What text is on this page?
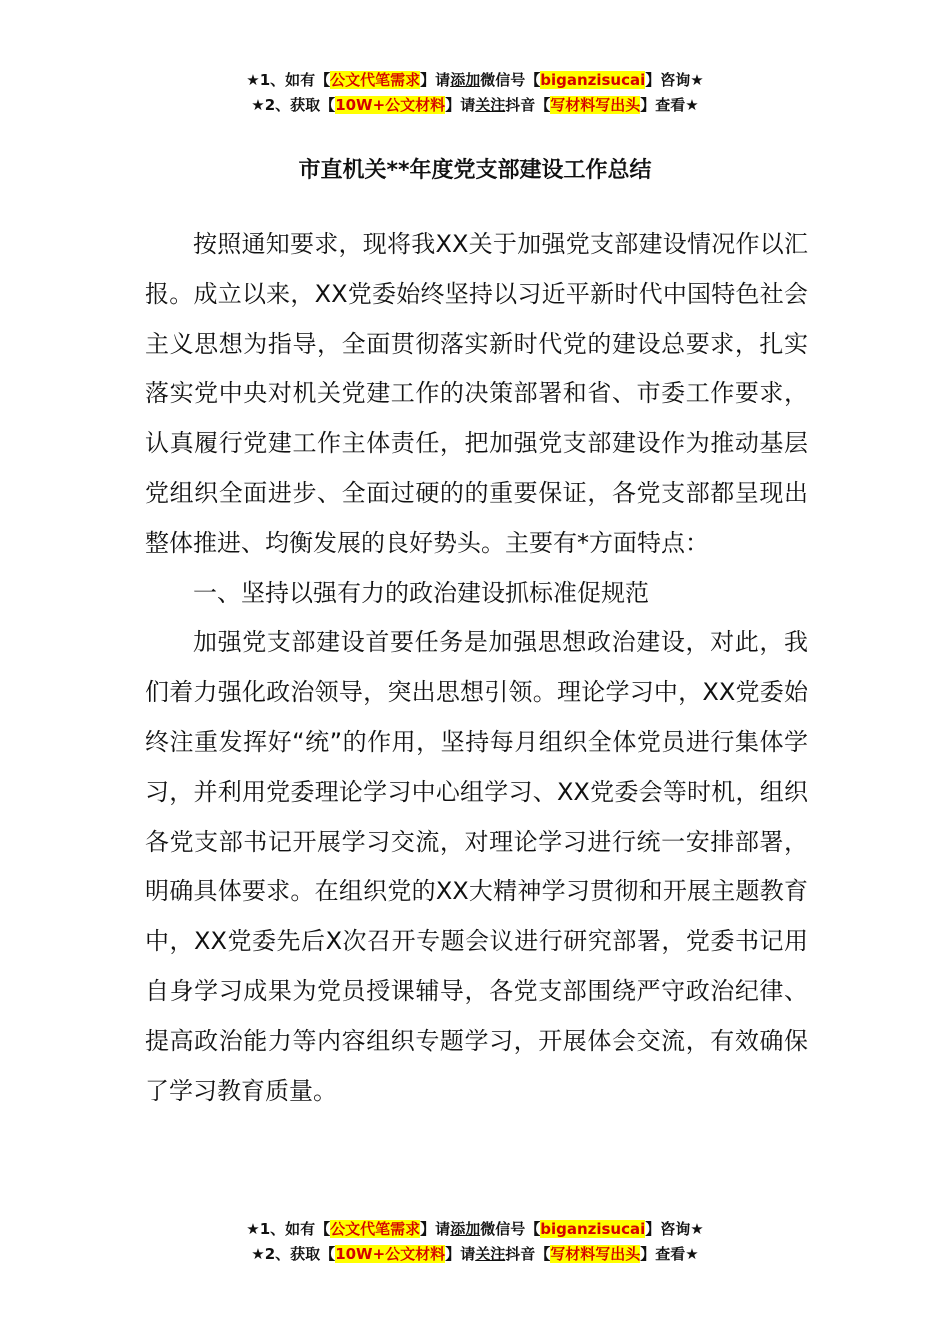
★1、如有【公文代笔需求】请添加微信号【biganzisucai】咨询★
★2、获取【10W+公文材料】请关注抖音【写材料写出头】查看★
市直机关**年度党支部建设工作总结

按照通知要求，现将我XX关于加强党支部建设情况作以汇报。成立以来，XX党委始终坚持以习近平新时代中国特色社会主义思想为指导，全面贯彻落实新时代党的建设总要求，扎实落实党中央对机关党建工作的决策部署和省、市委工作要求，认真履行党建工作主体责任，把加强党支部建设作为推动基层党组织全面进步、全面过硬的的重要保证，各党支部都呈现出整体推进、均衡发展的良好势头。主要有*方面特点：

一、坚持以强有力的政治建设抓标准促规范

加强党支部建设首要任务是加强思想政治建设，对此，我们着力强化政治领导，突出思想引领。理论学习中，XX党委始终注重发挥好“统”的作用，坚持每月组织全体党员进行集体学习，并利用党委理论学习中心组学习、XX党委会等时机，组织各党支部书记开展学习交流，对理论学习进行统一安排部署，明确具体要求。在组织党的XX大精神学习贯彻和开展主题教育中，XX党委先后X次召开专题会议进行研究部署，党委书记用自身学习成果为党员授课辅导，各党支部围绕严守政治纪律、提高政治能力等内容组织专题学习，开展体会交流，有效确保了学习教育质量。

★1、如有【公文代笔需求】请添加微信号【biganzisucai】咨询★
★2、获取【10W+公文材料】请关注抖音【写材料写出头】查看★
